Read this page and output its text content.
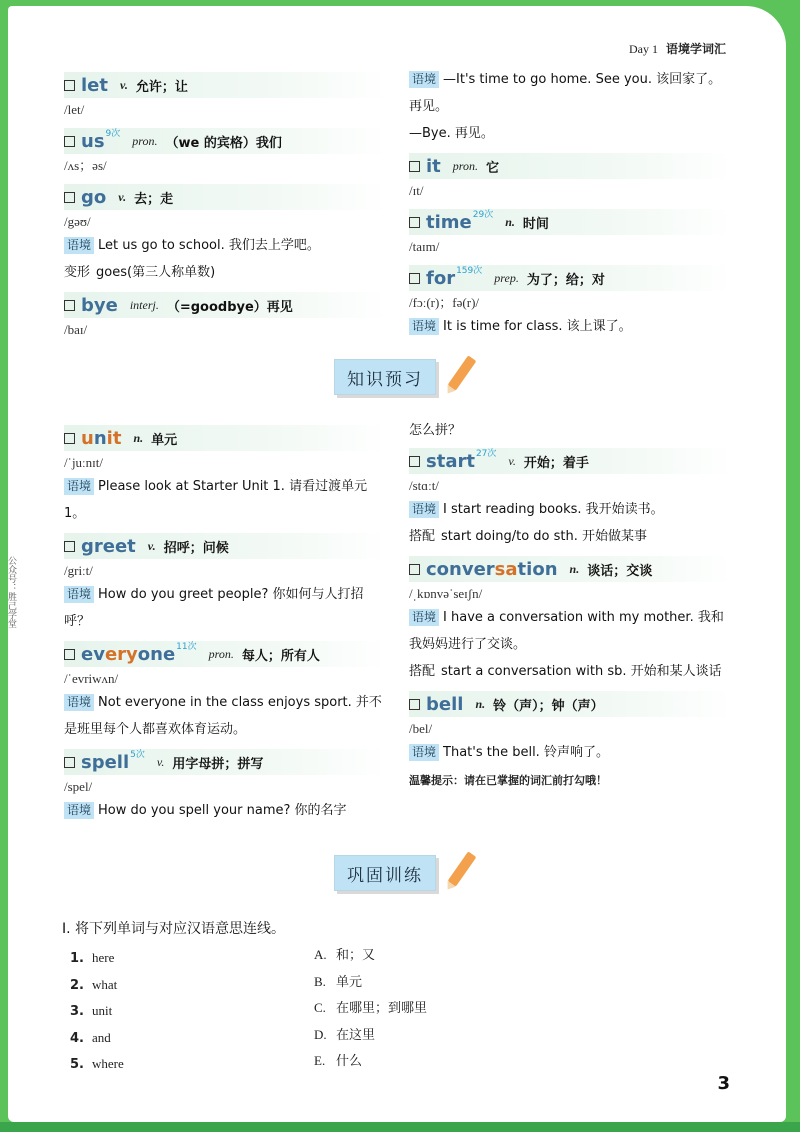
公众号：胜己学堂
Day 1 语境学词汇
let v. 允许；让

/let/

us 9次 pron. （we 的宾格）我们

/ʌs；əs/

go v. 去；走

/gəʊ/

语境 Let us go to school. 我们去上学吧。

变形 goes(第三人称单数)

bye interj. （=goodbye）再见

/baɪ/

语境 —It's time to go home. See you. 该回家了。再见。

—Bye. 再见。

it pron. 它

/ɪt/

time 29次 n. 时间

/taɪm/

for 159次 prep. 为了；给；对

/fɔː(r)；fə(r)/

语境 It is time for class. 该上课了。

知识预习
unit n. 单元

/ˈjuːnɪt/

语境 Please look at Starter Unit 1. 请看过渡单元 1。

greet v. 招呼；问候

/griːt/

语境 How do you greet people? 你如何与人打招呼？

everyone 11次 pron. 每人；所有人

/ˈevriwʌn/

语境 Not everyone in the class enjoys sport. 并不是班里每个人都喜欢体育运动。

spell 5次 v. 用字母拼；拼写

/spel/

语境 How do you spell your name? 你的名字

怎么拼？

start 27次 v. 开始；着手

/stɑːt/

语境 I start reading books. 我开始读书。

搭配 start doing/to do sth. 开始做某事

conversation n. 谈话；交谈

/ˌkɒnvəˈseɪʃn/

语境 I have a conversation with my mother. 我和我妈妈进行了交谈。

搭配 start a conversation with sb. 开始和某人谈话

bell n. 铃（声）；钟（声）

/bel/

语境 That's the bell. 铃声响了。

温馨提示：请在已掌握的词汇前打勾哦！
巩固训练
Ⅰ. 将下列单词与对应汉语意思连线。
1. here
2. what
3. unit
4. and
5. where
A. 和；又
B. 单元
C. 在哪里；到哪里
D. 在这里
E. 什么
3
